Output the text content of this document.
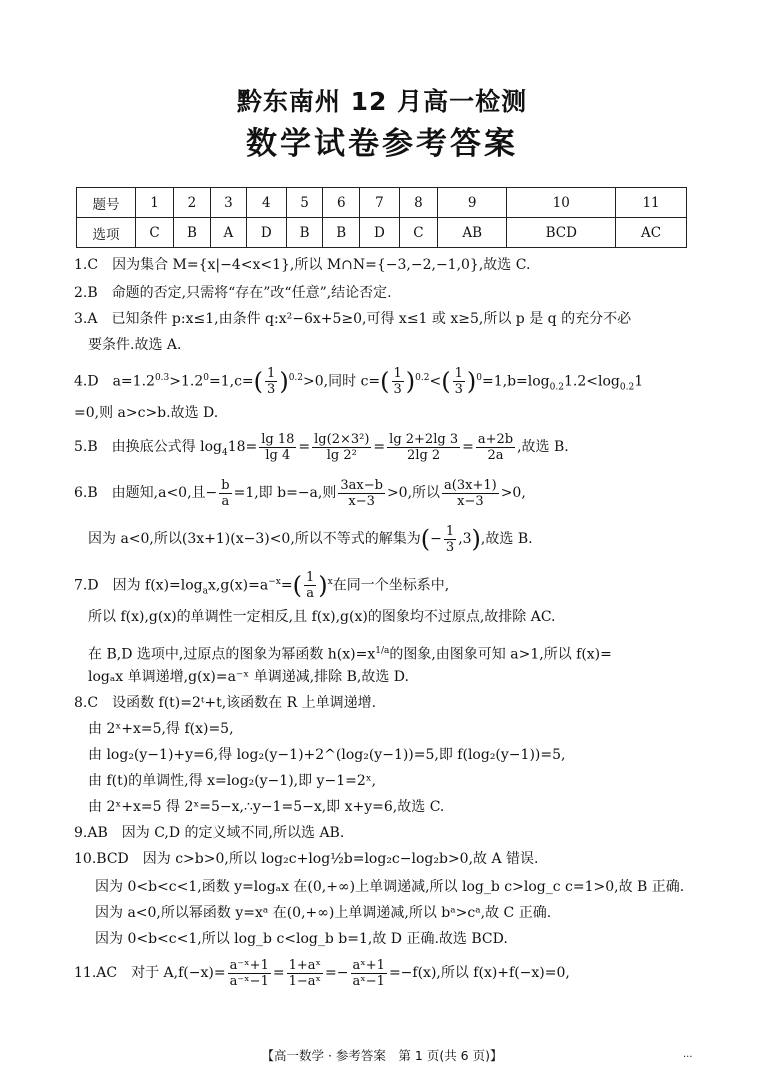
黔东南州 12 月高一检测
数学试卷参考答案
题号	1	2	3	4	5	6	7	8	9	10	11
选项	C	B	A	D	B	B	D	C	AB	BCD	AC
1.C　因为集合 M={x|−4<x<1},所以 M∩N={−3,−2,−1,0},故选 C.
2.B　命题的否定,只需将“存在”改“任意”,结论否定.
3.A　已知条件 p:x≤1,由条件 q:x²−6x+5≥0,可得 x≤1 或 x≥5,所以 p 是 q 的充分不必
要条件.故选 A.
4.D　$a=1.2^{0.3}>1.2^0=1,c=( \frac{1}{3} )^{0.2}>0$,同时 $c=( \frac{1}{3} )^{0.2}<( \frac{1}{3} )^0=1,b=\log_{0.2}1.2<\log_{0.2}1$
=0,则 a>c>b.故选 D.
5.B　由换底公式得 $\log_418= \frac{\lg 18}{\lg 4} = \frac{\text{lg(2×3²)}}{\text{lg 2²}} = \frac{\lg 2+2\lg 3}{2\lg 2} = \frac{a+2b}{2a}$ ,故选 B.
6.B　由题知,a<0,且− $\frac{b}{a} =1$,即 b=−a,则 $\frac{3ax-b}{x-3} >0$,所以 $\frac{a(3x+1)}{x-3} >0$,
因为 a<0,所以(3x+1)(x−3)<0,所以不等式的解集为(− $\frac{1}{3} ,3$),故选 B.
7.D　因为 $f(x)=\log_ax,g(x)=a^{-x}=( \frac{1}{a} )^x$在同一个坐标系中,
所以 f(x),g(x)的单调性一定相反,且 f(x),g(x)的图象均不过原点,故排除 AC.
在 B,D 选项中,过原点的图象为幂函数 $h(x)=x^{1/a}$的图象,由图象可知 a>1,所以 f(x)=
logₐx 单调递增,g(x)=a⁻ˣ 单调递减,排除 B,故选 D.
8.C　设函数 f(t)=2ᵗ+t,该函数在 R 上单调递增.
由 2ˣ+x=5,得 f(x)=5,
由 log₂(y−1)+y=6,得 log₂(y−1)+2^(log₂(y−1))=5,即 f(log₂(y−1))=5,
由 f(t)的单调性,得 x=log₂(y−1),即 y−1=2ˣ,
由 2ˣ+x=5 得 2ˣ=5−x,∴y−1=5−x,即 x+y=6,故选 C.
9.AB　因为 C,D 的定义域不同,所以选 AB.
10.BCD　因为 c>b>0,所以 log₂c+log½b=log₂c−log₂b>0,故 A 错误.
因为 0<b<c<1,函数 y=logₐx 在(0,+∞)上单调递减,所以 log_b c>log_c c=1>0,故 B 正确.
因为 a<0,所以幂函数 y=xᵃ 在(0,+∞)上单调递减,所以 bᵃ>cᵃ,故 C 正确.
因为 0<b<c<1,所以 log_b c<log_b b=1,故 D 正确.故选 BCD.
11.AC　对于 $A,f(-x)= \frac{\text{a⁻ˣ+1}}{\text{a⁻ˣ−1}} = \frac{\text{1+aˣ}}{\text{1−aˣ}} =- \frac{\text{aˣ+1}}{\text{aˣ−1}} =-f(x)$,所以 f(x)+f(−x)=0,
【高一数学 · 参考答案　第 1 页(共 6 页)】	...
